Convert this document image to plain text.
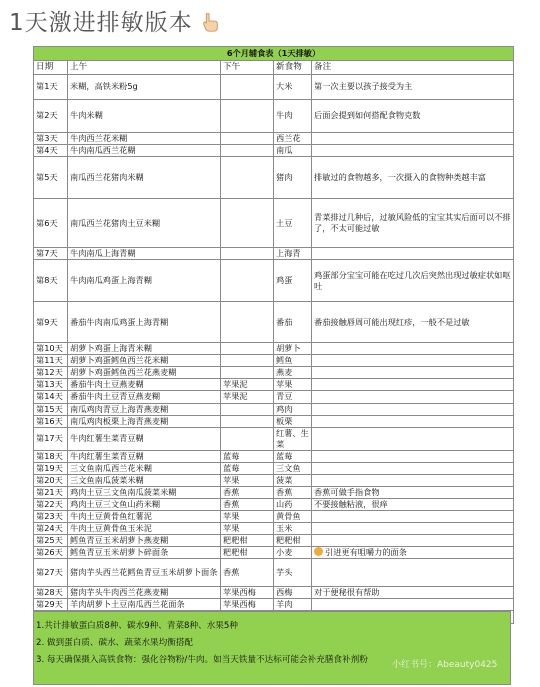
1天激进排敏版本
6个月辅食表（1天排敏）				
日期	上午	下午	新食物	备注
第1天	米糊，高铁米粉5g		大米	第一次主要以孩子接受为主
第2天	牛肉米糊		牛肉	后面会提到如何搭配食物克数
第3天	牛肉西兰花米糊		西兰花	
第4天	牛肉南瓜西兰花糊		南瓜	
第5天	南瓜西兰花猪肉米糊		猪肉	排敏过的食物越多，一次摄入的食物种类越丰富
第6天	南瓜西兰花猪肉土豆米糊		土豆	青菜排过几种后，过敏风险低的宝宝其实后面可以不排了，不太可能过敏
第7天	牛肉南瓜上海青糊		上海青	
第8天	牛肉南瓜鸡蛋上海青糊		鸡蛋	鸡蛋部分宝宝可能在吃过几次后突然出现过敏症状如呕吐
第9天	番茄牛肉南瓜鸡蛋上海青糊		番茄	番茄接触唇周可能出现红疹，一般不是过敏
第10天	胡萝卜鸡蛋上海青米糊		胡萝卜	
第11天	胡萝卜鸡蛋鳕鱼西兰花米糊		鳕鱼	
第12天	胡萝卜鸡蛋鳕鱼西兰花燕麦糊		燕麦	
第13天	番茄牛肉土豆燕麦糊	苹果泥	苹果	
第14天	番茄牛肉土豆青豆燕麦糊	苹果泥	青豆	
第15天	南瓜鸡肉青豆上海青燕麦糊		鸡肉	
第16天	南瓜鸡肉板栗上海青燕麦糊		板栗	
第17天	牛肉红薯生菜青豆糊		红薯、生菜	
第18天	牛肉红薯生菜青豆糊	蓝莓	蓝莓	
第19天	三文鱼南瓜西兰花米糊	蓝莓	三文鱼	
第20天	三文鱼南瓜菠菜米糊	苹果	菠菜	
第21天	鸡肉土豆三文鱼南瓜菠菜米糊	香蕉	香蕉	香蕉可做手指食物
第22天	鸡肉土豆三文鱼山药米糊	香蕉	山药	不要接触粘液，很痒
第23天	牛肉土豆黄骨鱼红薯泥	苹果	黄骨鱼	
第24天	牛肉土豆黄骨鱼玉米泥	苹果	玉米	
第25天	鳕鱼青豆玉米胡萝卜燕麦糊	粑粑柑	粑粑柑	
第26天	鳕鱼青豆玉米胡萝卜碎面条	粑粑柑	小麦	引进更有咀嚼力的面条
第27天	猪肉芋头西兰花鳕鱼青豆玉米胡萝卜面条	香蕉	芋头	
第28天	猪肉芋头牛肉西兰花燕麦糊	苹果西梅	西梅	对于便秘很有帮助
第29天	羊肉胡萝卜土豆南瓜西兰花面条	苹果西梅	羊肉	

1.共计排敏蛋白质8种、碳水9种、青菜8种、水果5种
2. 做到蛋白质、碳水、蔬菜水果均衡搭配
3. 每天确保摄入高铁食物：强化谷物粉/牛肉。如当天铁量不达标可能会补充膳食补剂粉	小红书号：Abeauty0425
